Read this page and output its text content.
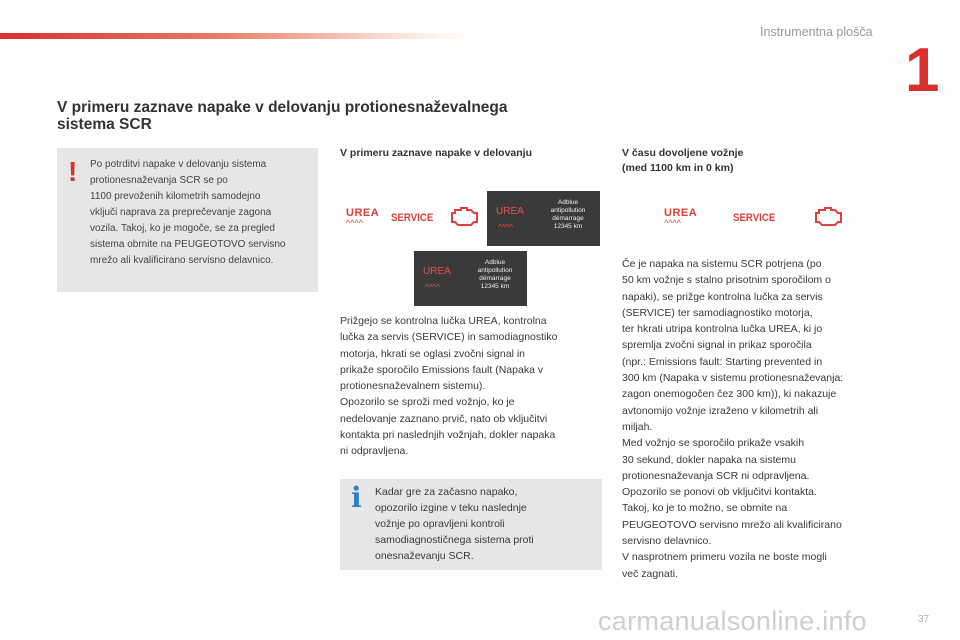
Instrumentna plošča
1
V primeru zaznave napake v delovanju protionesnaževalnega
sistema SCR
! Po potrditvi napake v delovanju sistema
protionesnaževanja SCR se po
1100 prevoženih kilometrih samodejno
vključi naprava za preprečevanje zagona
vozila. Takoj, ko je mogoče, se za pregled
sistema obrnite na PEUGEOTOVO servisno
mrežo ali kvalificirano servisno delavnico.
V primeru zaznave napake v delovanju
UREA
^^^^	SERVICE
UREA
^^^^
Adblue
antipollution
démarrage
12345 km
UREA
^^^^
Adblue
antipollution
démarrage
12345 km
Prižgejo se kontrolna lučka UREA, kontrolna
lučka za servis (SERVICE) in samodiagnostiko
motorja, hkrati se oglasi zvočni signal in
prikaže sporočilo Emissions fault (Napaka v
protionesnaževalnem sistemu).
Opozorilo se sproži med vožnjo, ko je
nedelovanje zaznano prvič, nato ob vključitvi
kontakta pri naslednjih vožnjah, dokler napaka
ni odpravljena.
i Kadar gre za začasno napako,
opozorilo izgine v teku naslednje
vožnje po opravljeni kontroli
samodiagnostičnega sistema proti
onesnaževanju SCR.
V času dovoljene vožnje
(med 1100 km in 0 km)
UREA
^^^^	SERVICE
Če je napaka na sistemu SCR potrjena (po
50 km vožnje s stalno prisotnim sporočilom o
napaki), se prižge kontrolna lučka za servis
(SERVICE) ter samodiagnostiko motorja,
ter hkrati utripa kontrolna lučka UREA, ki jo
spremlja zvočni signal in prikaz sporočila
(npr.: Emissions fault: Starting prevented in
300 km (Napaka v sistemu protionesnaževanja:
zagon onemogočen čez 300 km)), ki nakazuje
avtonomijo vožnje izraženo v kilometrih ali
miljah.
Med vožnjo se sporočilo prikaže vsakih
30 sekund, dokler napaka na sistemu
protionesnaževanja SCR ni odpravljena.
Opozorilo se ponovi ob vključitvi kontakta.
Takoj, ko je to možno, se obrnite na
PEUGEOTOVO servisno mrežo ali kvalificirano
servisno delavnico.
V nasprotnem primeru vozila ne boste mogli
več zagnati.
37
carmanualsonline.info
